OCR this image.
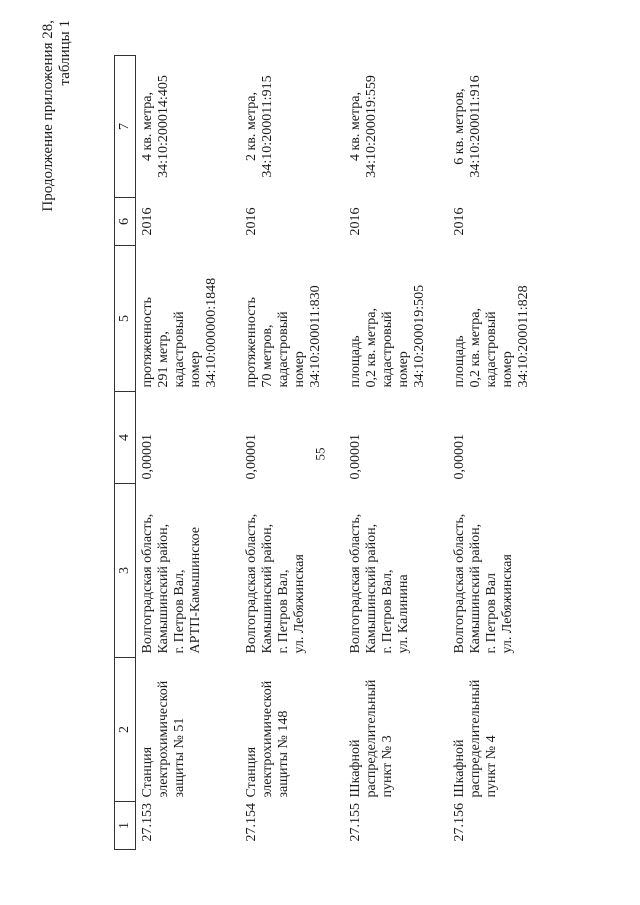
55
Продолжение приложения 28, таблицы 1
1	2	3	4	5	6	7

27.153	Станция
электрохимической
защиты № 51	Волгоградская область,
Камышинский район,
г. Петров Вал,
АРТП-Камышинское	0,00001	протяженность
291 метр,
кадастровый
номер
34:10:000000:1848	2016	4 кв. метра,
34:10:200014:405

27.154	Станция
электрохимической
защиты № 148	Волгоградская область,
Камышинский район,
г. Петров Вал,
ул. Лебяжинская	0,00001	протяженность
70 метров,
кадастровый
номер
34:10:200011:830	2016	2 кв. метра,
34:10:200011:915

27.155	Шкафной
распределительный
пункт № 3	Волгоградская область,
Камышинский район,
г. Петров Вал,
ул. Калинина	0,00001	площадь
0,2 кв. метра,
кадастровый
номер
34:10:200019:505	2016	4 кв. метра,
34:10:200019:559

27.156	Шкафной
распределительный
пункт № 4	Волгоградская область,
Камышинский район,
г. Петров Вал
ул. Лебяжинская	0,00001	площадь
0,2 кв. метра,
кадастровый
номер
34:10:200011:828	2016	6 кв. метров,
34:10:200011:916
